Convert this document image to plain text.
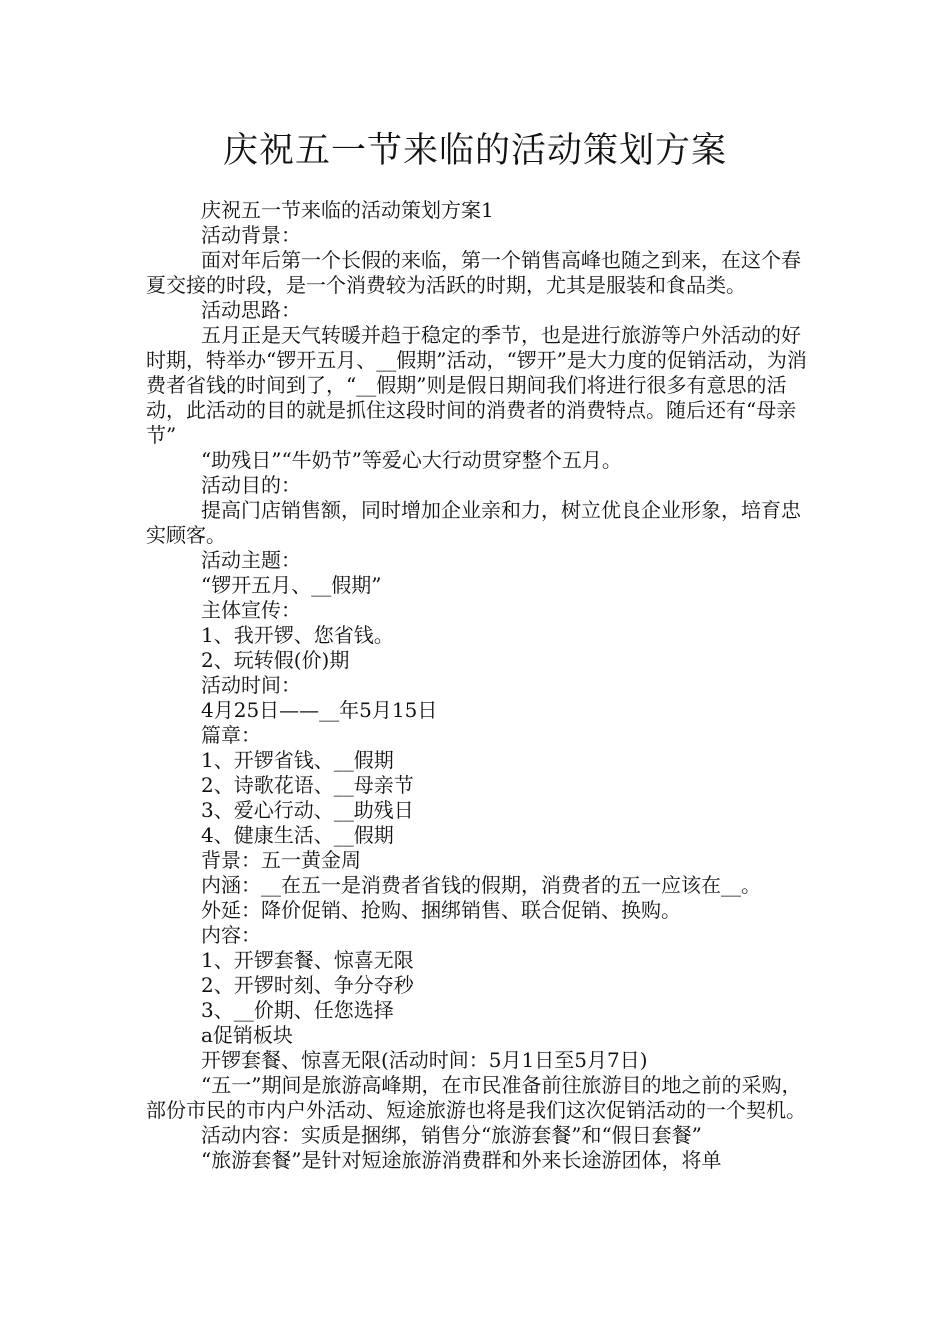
庆祝五一节来临的活动策划方案

庆祝五一节来临的活动策划方案1

活动背景：

面对年后第一个长假的来临，第一个销售高峰也随之到来，在这个春夏交接的时段，是一个消费较为活跃的时期，尤其是服装和食品类。

活动思路：

五月正是天气转暖并趋于稳定的季节，也是进行旅游等户外活动的好时期，特举办“锣开五月、__假期”活动，“锣开”是大力度的促销活动，为消费者省钱的时间到了，“__假期”则是假日期间我们将进行很多有意思的活动，此活动的目的就是抓住这段时间的消费者的消费特点。随后还有“母亲节”

“助残日”“牛奶节”等爱心大行动贯穿整个五月。

活动目的：

提高门店销售额，同时增加企业亲和力，树立优良企业形象，培育忠实顾客。

活动主题：

“锣开五月、__假期”

主体宣传：

1、我开锣、您省钱。

2、玩转假(价)期

活动时间：

4月25日——__年5月15日

篇章：

1、开锣省钱、__假期

2、诗歌花语、__母亲节

3、爱心行动、__助残日

4、健康生活、__假期

背景：五一黄金周

内涵：__在五一是消费者省钱的假期，消费者的五一应该在__。

外延：降价促销、抢购、捆绑销售、联合促销、换购。

内容：

1、开锣套餐、惊喜无限

2、开锣时刻、争分夺秒

3、__价期、任您选择

a促销板块

开锣套餐、惊喜无限(活动时间：5月1日至5月7日)

“五一”期间是旅游高峰期，在市民准备前往旅游目的地之前的采购，部份市民的市内户外活动、短途旅游也将是我们这次促销活动的一个契机。

活动内容：实质是捆绑，销售分“旅游套餐”和“假日套餐”

“旅游套餐”是针对短途旅游消费群和外来长途游团体，将单
